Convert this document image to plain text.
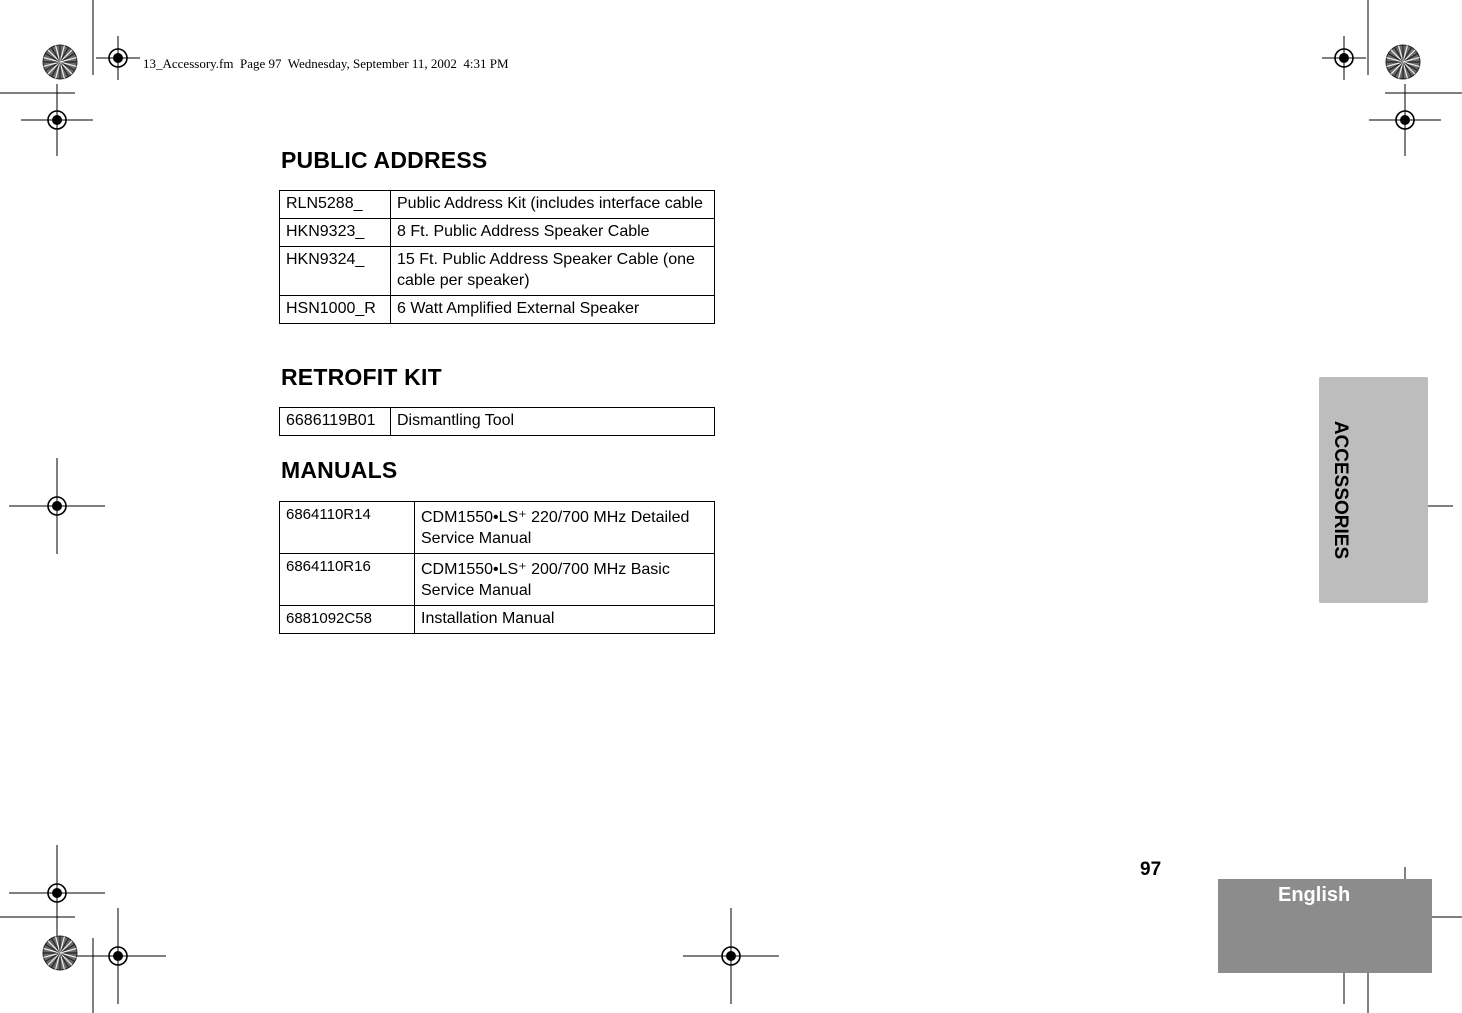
13_Accessory.fm  Page 97  Wednesday, September 11, 2002  4:31 PM
PUBLIC ADDRESS
RLN5288_	Public Address Kit (includes interface cable
HKN9323_	8 Ft. Public Address Speaker Cable
HKN9324_	15 Ft. Public Address Speaker Cable (one cable per speaker)
HSN1000_R	6 Watt Amplified External Speaker
RETROFIT KIT
6686119B01	Dismantling Tool
MANUALS
6864110R14	CDM1550•LS⁺ 220/700 MHz Detailed Service Manual
6864110R16	CDM1550•LS⁺ 200/700 MHz Basic Service Manual
6881092C58	Installation Manual
ACCESSORIES
97
English
